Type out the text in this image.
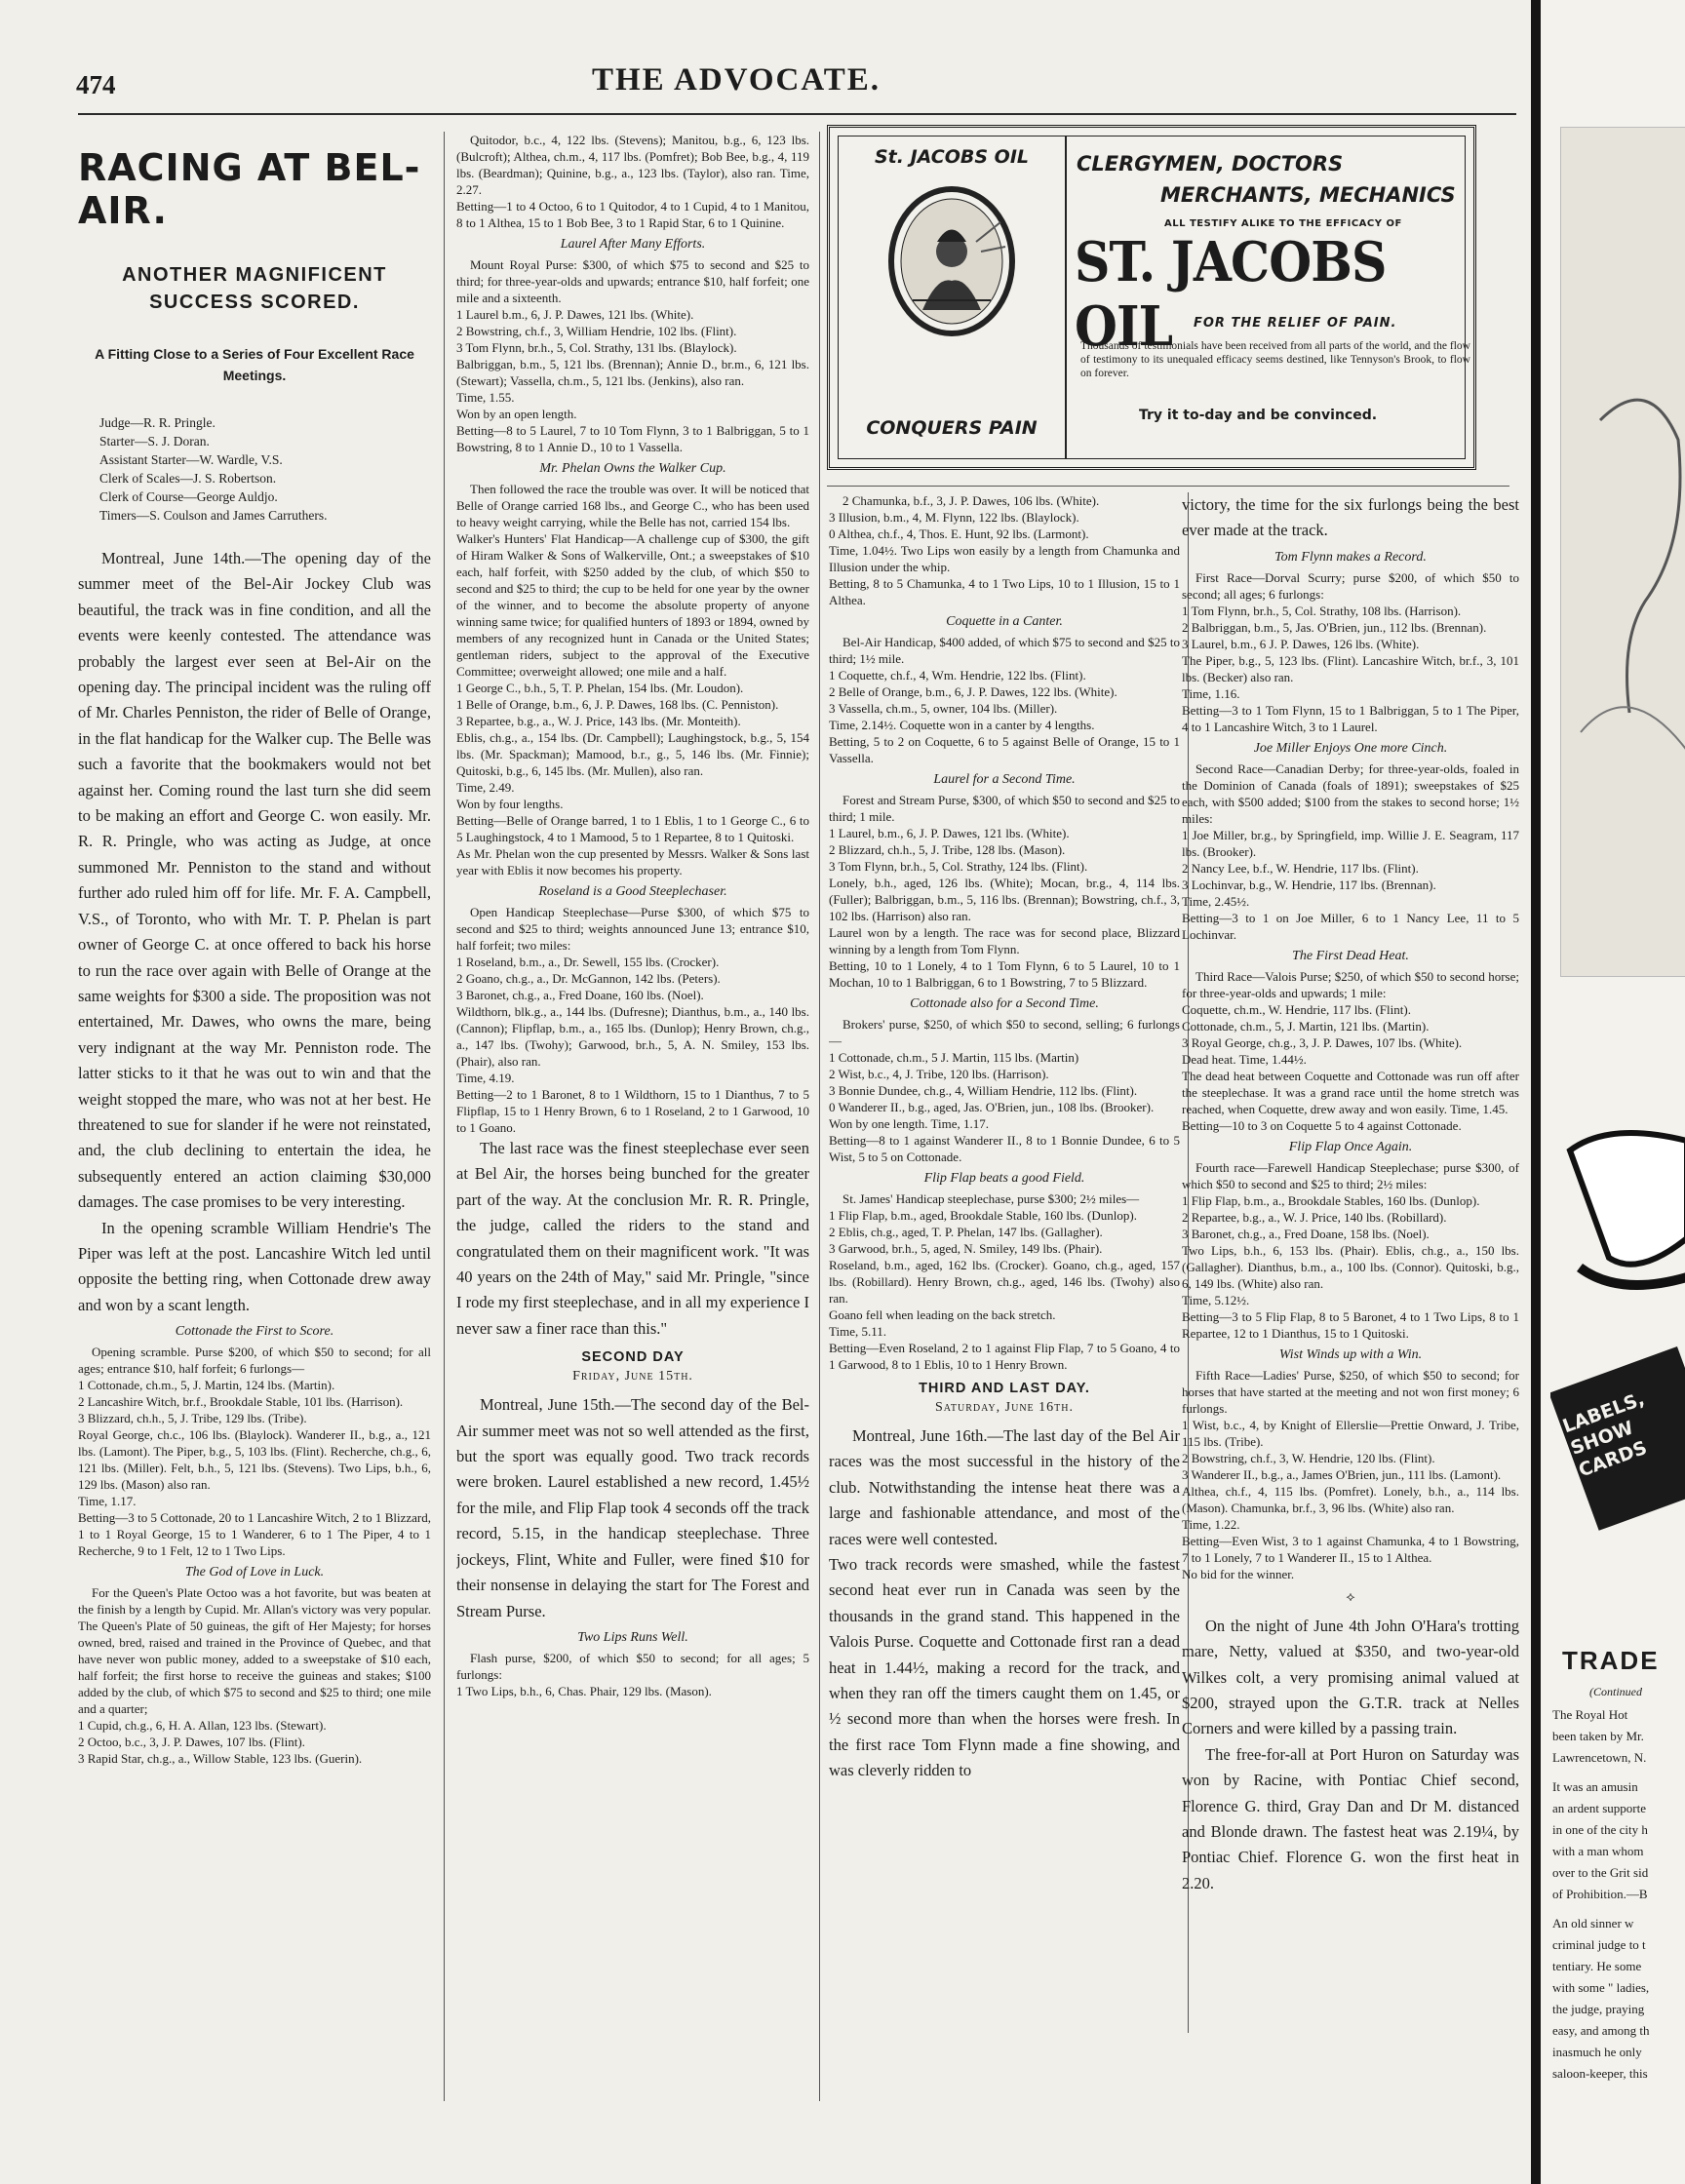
474	THE ADVOCATE.
RACING AT BEL-AIR.
ANOTHER MAGNIFICENT SUCCESS SCORED.
A Fitting Close to a Series of Four Excellent Race Meetings.
Judge—R. R. Pringle.
Starter—S. J. Doran.
Assistant Starter—W. Wardle, V.S.
Clerk of Scales—J. S. Robertson.
Clerk of Course—George Auldjo.
Timers—S. Coulson and James Carruthers.

Montreal, June 14th.—The opening day of the summer meet of the Bel-Air Jockey Club was beautiful, the track was in fine condition, and all the events were keenly contested. The attendance was probably the largest ever seen at Bel-Air on the opening day. The principal incident was the ruling off of Mr. Charles Penniston, the rider of Belle of Orange, in the flat handicap for the Walker cup. The Belle was such a favorite that the bookmakers would not bet against her. Coming round the last turn she did seem to be making an effort and George C. won easily. Mr. R. R. Pringle, who was acting as Judge, at once summoned Mr. Penniston to the stand and without further ado ruled him off for life. Mr. F. A. Campbell, V.S., of Toronto, who with Mr. T. P. Phelan is part owner of George C. at once offered to back his horse to run the race over again with Belle of Orange at the same weights for $300 a side. The proposition was not entertained, Mr. Dawes, who owns the mare, being very indignant at the way Mr. Penniston rode. The latter sticks to it that he was out to win and that the weight stopped the mare, who was not at her best. He threatened to sue for slander if he were not reinstated, and, the club declining to entertain the idea, he subsequently entered an action claiming $30,000 damages. The case promises to be very interesting.

In the opening scramble William Hendrie's The Piper was left at the post. Lancashire Witch led until opposite the betting ring, when Cottonade drew away and won by a scant length.

Cottonade the First to Score.

Opening scramble. Purse $200, of which $50 to second; for all ages; entrance $10, half forfeit; 6 furlongs—
1 Cottonade, ch.m., 5, J. Martin, 124 lbs. (Martin).
2 Lancashire Witch, br.f., Brookdale Stable, 101 lbs. (Harrison).
3 Blizzard, ch.h., 5, J. Tribe, 129 lbs. (Tribe).
Royal George, ch.c., 106 lbs. (Blaylock). Wanderer II., b.g., a., 121 lbs. (Lamont). The Piper, b.g., 5, 103 lbs. (Flint). Recherche, ch.g., 6, 121 lbs. (Miller). Felt, b.h., 5, 121 lbs. (Stevens). Two Lips, b.h., 6, 129 lbs. (Mason) also ran.
Time, 1.17.
Betting—3 to 5 Cottonade, 20 to 1 Lancashire Witch, 2 to 1 Blizzard, 1 to 1 Royal George, 15 to 1 Wanderer, 6 to 1 The Piper, 4 to 1 Recherche, 9 to 1 Felt, 12 to 1 Two Lips.

The God of Love in Luck.

For the Queen's Plate Octoo was a hot favorite, but was beaten at the finish by a length by Cupid. Mr. Allan's victory was very popular. The Queen's Plate of 50 guineas, the gift of Her Majesty; for horses owned, bred, raised and trained in the Province of Quebec, and that have never won public money, added to a sweepstake of $10 each, half forfeit; the first horse to receive the guineas and stakes; $100 added by the club, of which $75 to second and $25 to third; one mile and a quarter;
1 Cupid, ch.g., 6, H. A. Allan, 123 lbs. (Stewart).
2 Octoo, b.c., 3, J. P. Dawes, 107 lbs. (Flint).
3 Rapid Star, ch.g., a., Willow Stable, 123 lbs. (Guerin).

Quitodor, b.c., 4, 122 lbs. (Stevens); Manitou, b.g., 6, 123 lbs. (Bulcroft); Althea, ch.m., 4, 117 lbs. (Pomfret); Bob Bee, b.g., 4, 119 lbs. (Beardman); Quinine, b.g., a., 123 lbs. (Taylor), also ran. Time, 2.27.
Betting—1 to 4 Octoo, 6 to 1 Quitodor, 4 to 1 Cupid, 4 to 1 Manitou, 8 to 1 Althea, 15 to 1 Bob Bee, 3 to 1 Rapid Star, 6 to 1 Quinine.

Laurel After Many Efforts.

Mount Royal Purse: $300, of which $75 to second and $25 to third; for three-year-olds and upwards; entrance $10, half forfeit; one mile and a sixteenth.
1 Laurel b.m., 6, J. P. Dawes, 121 lbs. (White).
2 Bowstring, ch.f., 3, William Hendrie, 102 lbs. (Flint).
3 Tom Flynn, br.h., 5, Col. Strathy, 131 lbs. (Blaylock).
Balbriggan, b.m., 5, 121 lbs. (Brennan); Annie D., br.m., 6, 121 lbs. (Stewart); Vassella, ch.m., 5, 121 lbs. (Jenkins), also ran.
Time, 1.55.
Won by an open length.
Betting—8 to 5 Laurel, 7 to 10 Tom Flynn, 3 to 1 Balbriggan, 5 to 1 Bowstring, 8 to 1 Annie D., 10 to 1 Vassella.

Mr. Phelan Owns the Walker Cup.

Then followed the race the trouble was over. It will be noticed that Belle of Orange carried 168 lbs., and George C., who has been used to heavy weight carrying, while the Belle has not, carried 154 lbs.
Walker's Hunters' Flat Handicap—A challenge cup of $300, the gift of Hiram Walker & Sons of Walkerville, Ont.; a sweepstakes of $10 each, half forfeit, with $250 added by the club, of which $50 to second and $25 to third; the cup to be held for one year by the owner of the winner, and to become the absolute property of anyone winning same twice; for qualified hunters of 1893 or 1894, owned by members of any recognized hunt in Canada or the United States; gentleman riders, subject to the approval of the Executive Committee; overweight allowed; one mile and a half.
1 George C., b.h., 5, T. P. Phelan, 154 lbs. (Mr. Loudon).
1 Belle of Orange, b.m., 6, J. P. Dawes, 168 lbs. (C. Penniston).
3 Repartee, b.g., a., W. J. Price, 143 lbs. (Mr. Monteith).
Eblis, ch.g., a., 154 lbs. (Dr. Campbell); Laughingstock, b.g., 5, 154 lbs. (Mr. Spackman); Mamood, b.r., g., 5, 146 lbs. (Mr. Finnie); Quitoski, b.g., 6, 145 lbs. (Mr. Mullen), also ran.
Time, 2.49.
Won by four lengths.
Betting—Belle of Orange barred, 1 to 1 Eblis, 1 to 1 George C., 6 to 5 Laughingstock, 4 to 1 Mamood, 5 to 1 Repartee, 8 to 1 Quitoski.
As Mr. Phelan won the cup presented by Messrs. Walker & Sons last year with Eblis it now becomes his property.

Roseland is a Good Steeplechaser.

Open Handicap Steeplechase—Purse $300, of which $75 to second and $25 to third; weights announced June 13; entrance $10, half forfeit; two miles:
1 Roseland, b.m., a., Dr. Sewell, 155 lbs. (Crocker).
2 Goano, ch.g., a., Dr. McGannon, 142 lbs. (Peters).
3 Baronet, ch.g., a., Fred Doane, 160 lbs. (Noel).
Wildthorn, blk.g., a., 144 lbs. (Dufresne); Dianthus, b.m., a., 140 lbs. (Cannon); Flipflap, b.m., a., 165 lbs. (Dunlop); Henry Brown, ch.g., a., 147 lbs. (Twohy); Garwood, br.h., 5, A. N. Smiley, 153 lbs. (Phair), also ran.
Time, 4.19.
Betting—2 to 1 Baronet, 8 to 1 Wildthorn, 15 to 1 Dianthus, 7 to 5 Flipflap, 15 to 1 Henry Brown, 6 to 1 Roseland, 2 to 1 Garwood, 10 to 1 Goano.

The last race was the finest steeplechase ever seen at Bel Air, the horses being bunched for the greater part of the way. At the conclusion Mr. R. R. Pringle, the judge, called the riders to the stand and congratulated them on their magnificent work. "It was 40 years on the 24th of May," said Mr. Pringle, "since I rode my first steeplechase, and in all my experience I never saw a finer race than this."

SECOND DAY
Friday, June 15th.

Montreal, June 15th.—The second day of the Bel-Air summer meet was not so well attended as the first, but the sport was equally good. Two track records were broken. Laurel established a new record, 1.45½ for the mile, and Flip Flap took 4 seconds off the track record, 5.15, in the handicap steeplechase. Three jockeys, Flint, White and Fuller, were fined $10 for their nonsense in delaying the start for The Forest and Stream Purse.

Two Lips Runs Well.

Flash purse, $200, of which $50 to second; for all ages; 5 furlongs:
1 Two Lips, b.h., 6, Chas. Phair, 129 lbs. (Mason).

St. JACOBS OIL
CONQUERS PAIN
CLERGYMEN, DOCTORS
MERCHANTS, MECHANICS
ALL TESTIFY ALIKE TO THE EFFICACY OF
ST. JACOBS OIL	FOR THE RELIEF OF PAIN.
Thousands of testimonials have been received from all parts of the world, and the flow of testimony to its unequaled efficacy seems destined, like Tennyson's Brook, to flow on forever.
Try it to-day and be convinced.

2 Chamunka, b.f., 3, J. P. Dawes, 106 lbs. (White).
3 Illusion, b.m., 4, M. Flynn, 122 lbs. (Blaylock).
0 Althea, ch.f., 4, Thos. E. Hunt, 92 lbs. (Larmont).
Time, 1.04½. Two Lips won easily by a length from Chamunka and Illusion under the whip.
Betting, 8 to 5 Chamunka, 4 to 1 Two Lips, 10 to 1 Illusion, 15 to 1 Althea.

Coquette in a Canter.

Bel-Air Handicap, $400 added, of which $75 to second and $25 to third; 1½ mile.
1 Coquette, ch.f., 4, Wm. Hendrie, 122 lbs. (Flint).
2 Belle of Orange, b.m., 6, J. P. Dawes, 122 lbs. (White).
3 Vassella, ch.m., 5, owner, 104 lbs. (Miller).
Time, 2.14½. Coquette won in a canter by 4 lengths.
Betting, 5 to 2 on Coquette, 6 to 5 against Belle of Orange, 15 to 1 Vassella.

Laurel for a Second Time.

Forest and Stream Purse, $300, of which $50 to second and $25 to third; 1 mile.
1 Laurel, b.m., 6, J. P. Dawes, 121 lbs. (White).
2 Blizzard, ch.h., 5, J. Tribe, 128 lbs. (Mason).
3 Tom Flynn, br.h., 5, Col. Strathy, 124 lbs. (Flint).
Lonely, b.h., aged, 126 lbs. (White); Mocan, br.g., 4, 114 lbs. (Fuller); Balbriggan, b.m., 5, 116 lbs. (Brennan); Bowstring, ch.f., 3, 102 lbs. (Harrison) also ran.
Laurel won by a length. The race was for second place, Blizzard winning by a length from Tom Flynn.
Betting, 10 to 1 Lonely, 4 to 1 Tom Flynn, 6 to 5 Laurel, 10 to 1 Mochan, 10 to 1 Balbriggan, 6 to 1 Bowstring, 7 to 5 Blizzard.

Cottonade also for a Second Time.

Brokers' purse, $250, of which $50 to second, selling; 6 furlongs—
1 Cottonade, ch.m., 5 J. Martin, 115 lbs. (Martin)
2 Wist, b.c., 4, J. Tribe, 120 lbs. (Harrison).
3 Bonnie Dundee, ch.g., 4, William Hendrie, 112 lbs. (Flint).
0 Wanderer II., b.g., aged, Jas. O'Brien, jun., 108 lbs. (Brooker).
Won by one length. Time, 1.17.
Betting—8 to 1 against Wanderer II., 8 to 1 Bonnie Dundee, 6 to 5 Wist, 5 to 5 on Cottonade.

Flip Flap beats a good Field.

St. James' Handicap steeplechase, purse $300; 2½ miles—
1 Flip Flap, b.m., aged, Brookdale Stable, 160 lbs. (Dunlop).
2 Eblis, ch.g., aged, T. P. Phelan, 147 lbs. (Gallagher).
3 Garwood, br.h., 5, aged, N. Smiley, 149 lbs. (Phair).
Roseland, b.m., aged, 162 lbs. (Crocker). Goano, ch.g., aged, 157 lbs. (Robillard). Henry Brown, ch.g., aged, 146 lbs. (Twohy) also ran.
Goano fell when leading on the back stretch.
Time, 5.11.
Betting—Even Roseland, 2 to 1 against Flip Flap, 7 to 5 Goano, 4 to 1 Garwood, 8 to 1 Eblis, 10 to 1 Henry Brown.

THIRD AND LAST DAY.
Saturday, June 16th.

Montreal, June 16th.—The last day of the Bel Air races was the most successful in the history of the club. Notwithstanding the intense heat there was a large and fashionable attendance, and most of the races were well contested.
Two track records were smashed, while the fastest second heat ever run in Canada was seen by the thousands in the grand stand. This happened in the Valois Purse. Coquette and Cottonade first ran a dead heat in 1.44½, making a record for the track, and when they ran off the timers caught them on 1.45, or ½ second more than when the horses were fresh. In the first race Tom Flynn made a fine showing, and was cleverly ridden to

victory, the time for the six furlongs being the best ever made at the track.

Tom Flynn makes a Record.

First Race—Dorval Scurry; purse $200, of which $50 to second; all ages; 6 furlongs:
1 Tom Flynn, br.h., 5, Col. Strathy, 108 lbs. (Harrison).
2 Balbriggan, b.m., 5, Jas. O'Brien, jun., 112 lbs. (Brennan).
3 Laurel, b.m., 6 J. P. Dawes, 126 lbs. (White).
The Piper, b.g., 5, 123 lbs. (Flint). Lancashire Witch, br.f., 3, 101 lbs. (Becker) also ran.
Time, 1.16.
Betting—3 to 1 Tom Flynn, 15 to 1 Balbriggan, 5 to 1 The Piper, 4 to 1 Lancashire Witch, 3 to 1 Laurel.

Joe Miller Enjoys One more Cinch.

Second Race—Canadian Derby; for three-year-olds, foaled in the Dominion of Canada (foals of 1891); sweepstakes of $25 each, with $500 added; $100 from the stakes to second horse; 1½ miles:
1 Joe Miller, br.g., by Springfield, imp. Willie J. E. Seagram, 117 lbs. (Brooker).
2 Nancy Lee, b.f., W. Hendrie, 117 lbs. (Flint).
3 Lochinvar, b.g., W. Hendrie, 117 lbs. (Brennan).
Time, 2.45½.
Betting—3 to 1 on Joe Miller, 6 to 1 Nancy Lee, 11 to 5 Lochinvar.

The First Dead Heat.

Third Race—Valois Purse; $250, of which $50 to second horse; for three-year-olds and upwards; 1 mile:
Coquette, ch.m., W. Hendrie, 117 lbs. (Flint).
Cottonade, ch.m., 5, J. Martin, 121 lbs. (Martin).
3 Royal George, ch.g., 3, J. P. Dawes, 107 lbs. (White).
Dead heat. Time, 1.44½.
The dead heat between Coquette and Cottonade was run off after the steeplechase. It was a grand race until the home stretch was reached, when Coquette, drew away and won easily. Time, 1.45.
Betting—10 to 3 on Coquette 5 to 4 against Cottonade.

Flip Flap Once Again.

Fourth race—Farewell Handicap Steeplechase; purse $300, of which $50 to second and $25 to third; 2½ miles:
1 Flip Flap, b.m., a., Brookdale Stables, 160 lbs. (Dunlop).
2 Repartee, b.g., a., W. J. Price, 140 lbs. (Robillard).
3 Baronet, ch.g., a., Fred Doane, 158 lbs. (Noel).
Two Lips, b.h., 6, 153 lbs. (Phair). Eblis, ch.g., a., 150 lbs. (Gallagher). Dianthus, b.m., a., 100 lbs. (Connor). Quitoski, b.g., 6, 149 lbs. (White) also ran.
Time, 5.12½.
Betting—3 to 5 Flip Flap, 8 to 5 Baronet, 4 to 1 Two Lips, 8 to 1 Repartee, 12 to 1 Dianthus, 15 to 1 Quitoski.

Wist Winds up with a Win.

Fifth Race—Ladies' Purse, $250, of which $50 to second; for horses that have started at the meeting and not won first money; 6 furlongs.
1 Wist, b.c., 4, by Knight of Ellerslie—Prettie Onward, J. Tribe, 115 lbs. (Tribe).
2 Bowstring, ch.f., 3, W. Hendrie, 120 lbs. (Flint).
3 Wanderer II., b.g., a., James O'Brien, jun., 111 lbs. (Lamont).
Althea, ch.f., 4, 115 lbs. (Pomfret). Lonely, b.h., a., 114 lbs. (Mason). Chamunka, br.f., 3, 96 lbs. (White) also ran.
Time, 1.22.
Betting—Even Wist, 3 to 1 against Chamunka, 4 to 1 Bowstring, 7 to 1 Lonely, 7 to 1 Wanderer II., 15 to 1 Althea.
No bid for the winner.

⟡

On the night of June 4th John O'Hara's trotting mare, Netty, valued at $350, and two-year-old Wilkes colt, a very promising animal valued at $200, strayed upon the G.T.R. track at Nelles Corners and were killed by a passing train.

The free-for-all at Port Huron on Saturday was won by Racine, with Pontiac Chief second, Florence G. third, Gray Dan and Dr M. distanced and Blonde drawn. The fastest heat was 2.19¼, by Pontiac Chief. Florence G. won the first heat in 2.20.

LABELS, SHOW CARDS
TRADE
(Continued
The Royal Hot
been taken by Mr.
Lawrencetown, N.
It was an amusin
an ardent supporte
in one of the city h
with a man whom
over to the Grit sid
of Prohibition.—B
An old sinner w
criminal judge to t
tentiary. He some
with some " ladies,
the judge, praying
easy, and among th
inasmuch he only
saloon-keeper, this
